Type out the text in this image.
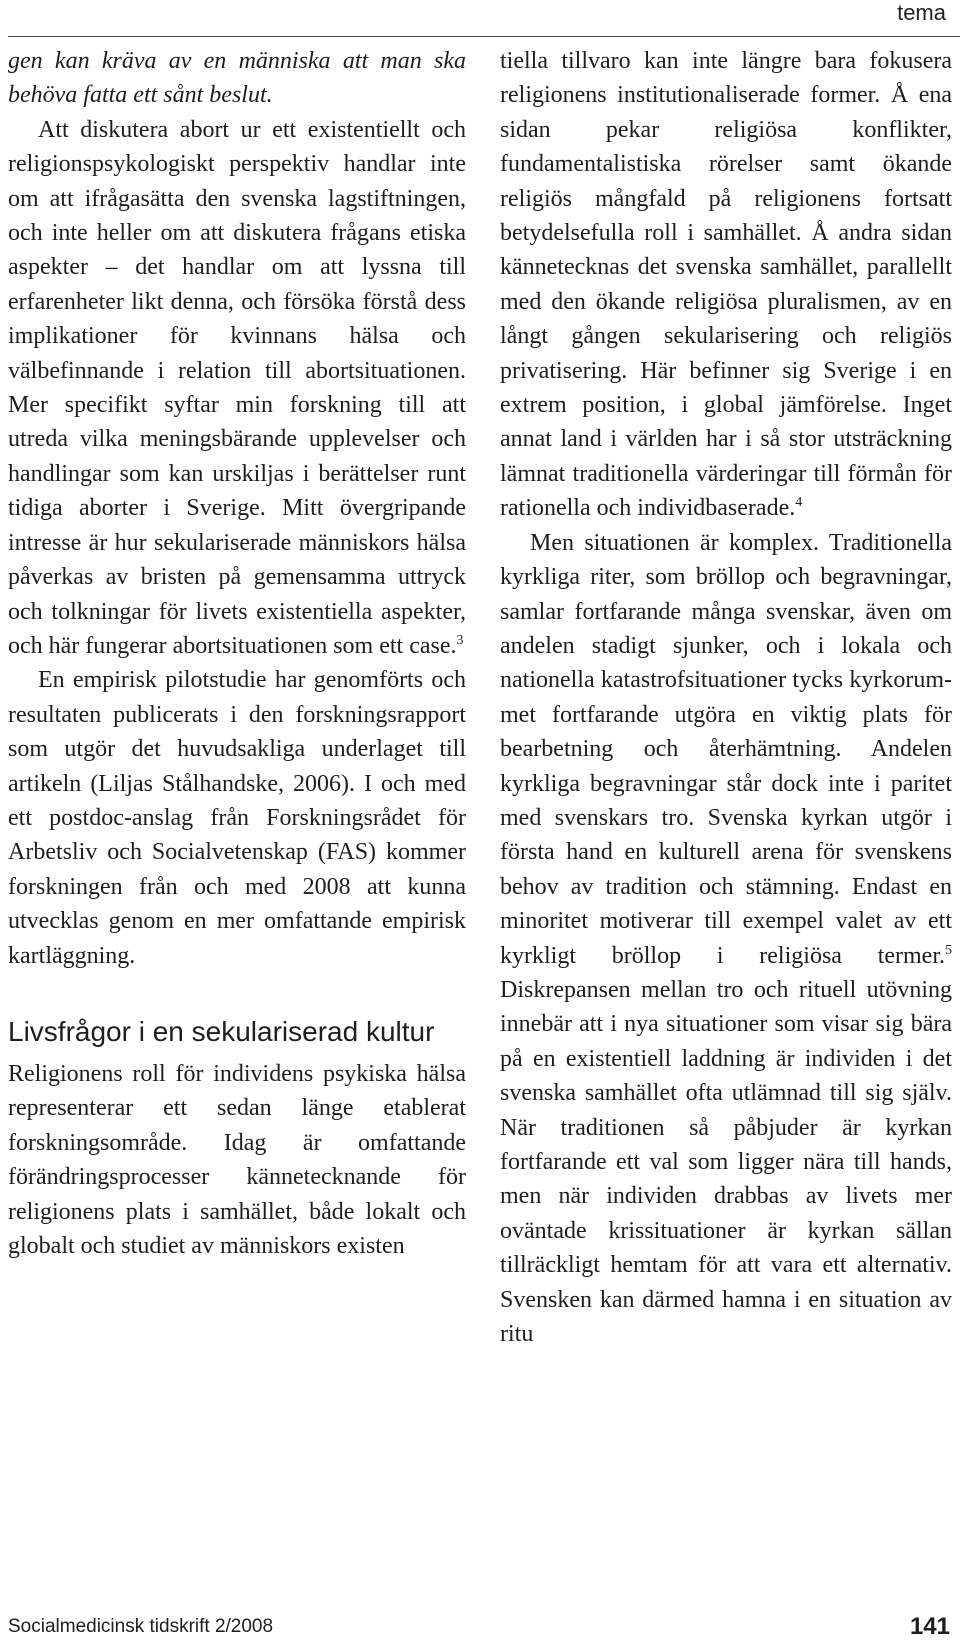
tema

gen kan kräva av en människa att man ska behöva fatta ett sånt beslut.

Att diskutera abort ur ett existentiellt och religionspsykologiskt perspektiv handlar inte om att ifrågasätta den svenska lagstiftningen, och inte heller om att diskutera frågans etiska aspekter – det handlar om att lyssna till erfarenheter likt denna, och försöka förstå dess implikationer för kvinnans hälsa och välbefinnande i relation till abortsituationen. Mer specifikt syftar min forskning till att utreda vilka meningsbärande upplevelser och handlingar som kan urskiljas i berättelser runt tidiga aborter i Sverige. Mitt övergripande intresse är hur sekulariserade människors hälsa påverkas av bristen på gemensamma uttryck och tolkningar för livets existentiella aspekter, och här fungerar abortsituationen som ett case.$^3$

En empirisk pilotstudie har genomförts och resultaten publicerats i den forskningsrapport som utgör det huvudsakliga underlaget till artikeln (Liljas Stålhandske, 2006). I och med ett postdoc-anslag från Forskningsrådet för Arbetsliv och Socialvetenskap (FAS) kommer forskningen från och med 2008 att kunna utvecklas genom en mer omfattande empirisk kartläggning.

Livsfrågor i en sekulariserad kultur

Religionens roll för individens psykiska hälsa representerar ett sedan länge etablerat forskningsområde. Idag är omfattande förändringsprocesser kännetecknande för religionens plats i samhället, både lokalt och globalt och studiet av människors existen

tiella tillvaro kan inte längre bara fokusera religionens institutionaliserade former. Å ena sidan pekar religiösa konflikter, fundamentalistiska rörelser samt ökande religiös mångfald på religionens fortsatt betydelsefulla roll i samhället. Å andra sidan kännetecknas det svenska samhället, parallellt med den ökande religiösa pluralismen, av en långt gången sekularisering och religiös privatisering. Här befinner sig Sverige i en extrem position, i global jämförelse. Inget annat land i världen har i så stor utsträckning lämnat traditionella värderingar till förmån för rationella och individbaserade.$^4$

Men situationen är komplex. Traditionella kyrkliga riter, som bröllop och begravningar, samlar fortfarande många svenskar, även om andelen stadigt sjunker, och i lokala och nationella katastrofsituationer tycks kyrkorummet fortfarande utgöra en viktig plats för bearbetning och återhämtning. Andelen kyrkliga begravningar står dock inte i paritet med svenskars tro. Svenska kyrkan utgör i första hand en kulturell arena för svenskens behov av tradition och stämning. Endast en minoritet motiverar till exempel valet av ett kyrkligt bröllop i religiösa termer.$^5$ Diskrepansen mellan tro och rituell utövning innebär att i nya situationer som visar sig bära på en existentiell laddning är individen i det svenska samhället ofta utlämnad till sig själv. När traditionen så påbjuder är kyrkan fortfarande ett val som ligger nära till hands, men när individen drabbas av livets mer oväntade krissituationer är kyrkan sällan tillräckligt hemtam för att vara ett alternativ. Svensken kan därmed hamna i en situation av ritu

Socialmedicinsk tidskrift 2/2008	141
